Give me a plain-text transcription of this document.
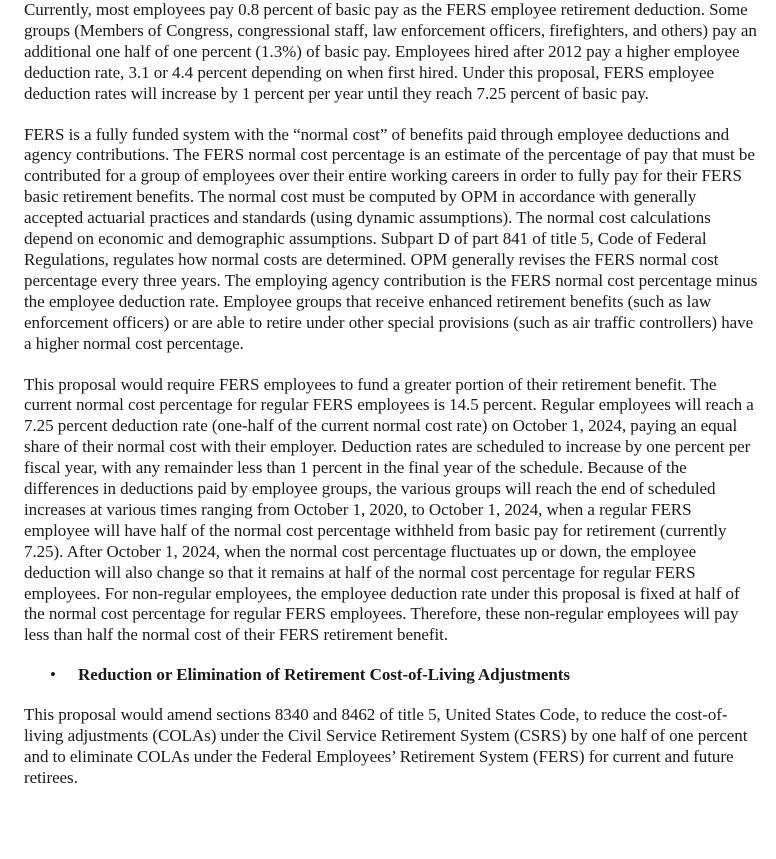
Currently, most employees pay 0.8 percent of basic pay as the FERS employee retirement deduction. Some groups (Members of Congress, congressional staff, law enforcement officers, firefighters, and others) pay an additional one half of one percent (1.3%) of basic pay. Employees hired after 2012 pay a higher employee deduction rate, 3.1 or 4.4 percent depending on when first hired. Under this proposal, FERS employee deduction rates will increase by 1 percent per year until they reach 7.25 percent of basic pay.

FERS is a fully funded system with the “normal cost” of benefits paid through employee deductions and agency contributions. The FERS normal cost percentage is an estimate of the percentage of pay that must be contributed for a group of employees over their entire working careers in order to fully pay for their FERS basic retirement benefits. The normal cost must be computed by OPM in accordance with generally accepted actuarial practices and standards (using dynamic assumptions). The normal cost calculations depend on economic and demographic assumptions. Subpart D of part 841 of title 5, Code of Federal Regulations, regulates how normal costs are determined. OPM generally revises the FERS normal cost percentage every three years. The employing agency contribution is the FERS normal cost percentage minus the employee deduction rate. Employee groups that receive enhanced retirement benefits (such as law enforcement officers) or are able to retire under other special provisions (such as air traffic controllers) have a higher normal cost percentage.

This proposal would require FERS employees to fund a greater portion of their retirement benefit. The current normal cost percentage for regular FERS employees is 14.5 percent. Regular employees will reach a 7.25 percent deduction rate (one-half of the current normal cost rate) on October 1, 2024, paying an equal share of their normal cost with their employer. Deduction rates are scheduled to increase by one percent per fiscal year, with any remainder less than 1 percent in the final year of the schedule. Because of the differences in deductions paid by employee groups, the various groups will reach the end of scheduled increases at various times ranging from October 1, 2020, to October 1, 2024, when a regular FERS employee will have half of the normal cost percentage withheld from basic pay for retirement (currently 7.25). After October 1, 2024, when the normal cost percentage fluctuates up or down, the employee deduction will also change so that it remains at half of the normal cost percentage for regular FERS employees. For non-regular employees, the employee deduction rate under this proposal is fixed at half of the normal cost percentage for regular FERS employees. Therefore, these non-regular employees will pay less than half the normal cost of their FERS retirement benefit.

•	Reduction or Elimination of Retirement Cost-of-Living Adjustments

This proposal would amend sections 8340 and 8462 of title 5, United States Code, to reduce the cost-of-living adjustments (COLAs) under the Civil Service Retirement System (CSRS) by one half of one percent and to eliminate COLAs under the Federal Employees’ Retirement System (FERS) for current and future retirees.
